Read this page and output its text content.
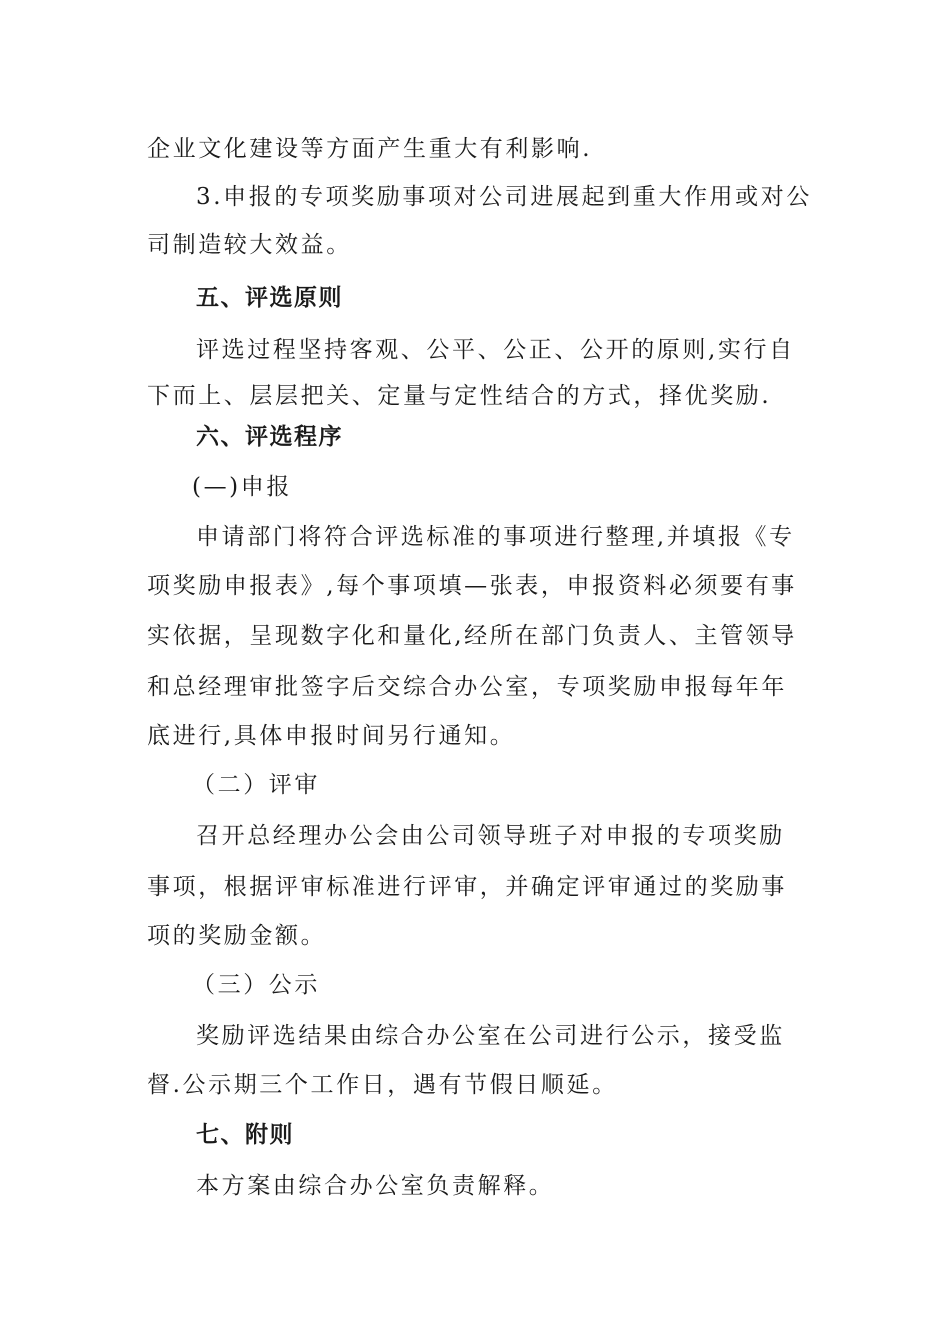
企业文化建设等方面产生重大有利影响.
3.申报的专项奖励事项对公司进展起到重大作用或对公
司制造较大效益。
五、评选原则
评选过程坚持客观、公平、公正、公开的原则,实行自
下而上、层层把关、定量与定性结合的方式，择优奖励.
六、评选程序
(—)申报
申请部门将符合评选标准的事项进行整理,并填报《专
项奖励申报表》,每个事项填—张表，申报资料必须要有事
实依据，呈现数字化和量化,经所在部门负责人、主管领导
和总经理审批签字后交综合办公室，专项奖励申报每年年
底进行,具体申报时间另行通知。
（二）评审
召开总经理办公会由公司领导班子对申报的专项奖励
事项，根据评审标准进行评审，并确定评审通过的奖励事
项的奖励金额。
（三）公示
奖励评选结果由综合办公室在公司进行公示，接受监
督.公示期三个工作日，遇有节假日顺延。
七、附则
本方案由综合办公室负责解释。
